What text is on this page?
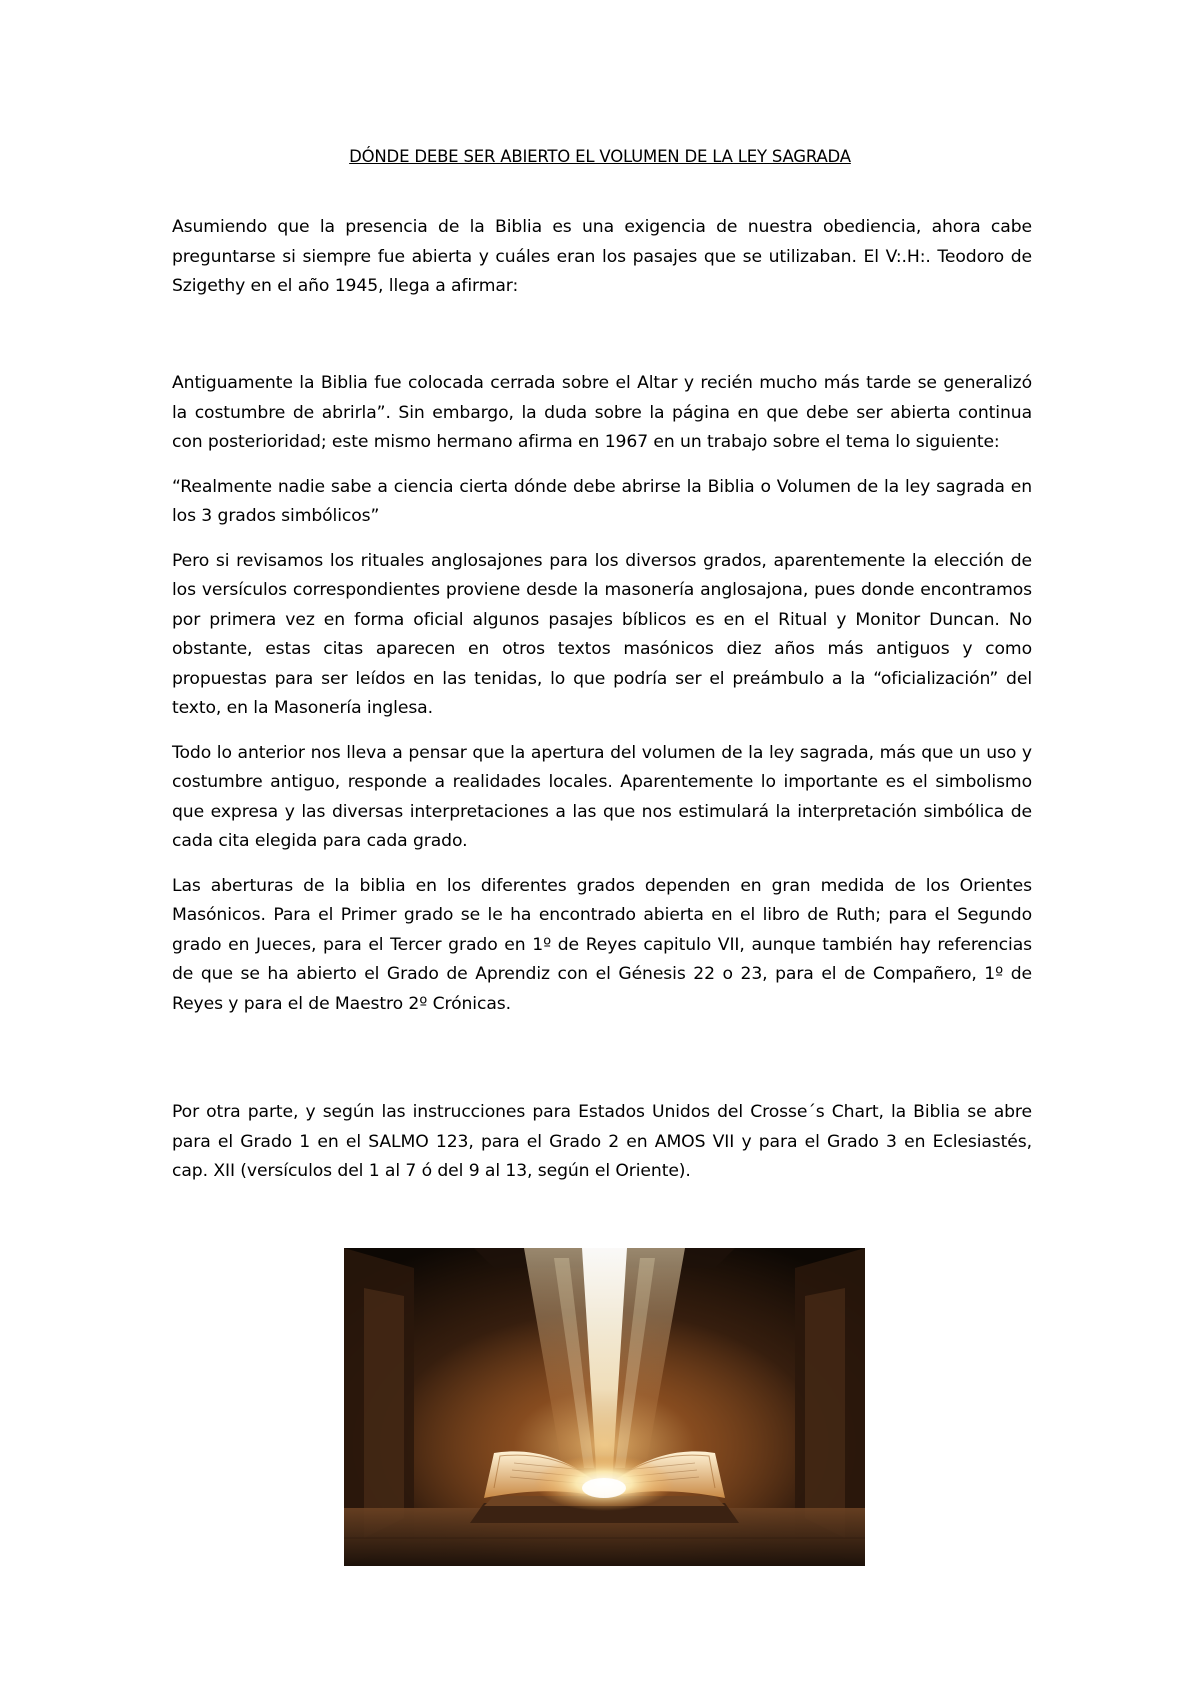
DÓNDE DEBE SER ABIERTO EL VOLUMEN DE LA LEY SAGRADA

Asumiendo que la presencia de la Biblia es una exigencia de nuestra obediencia, ahora cabe preguntarse si siempre fue abierta y cuáles eran los pasajes que se utilizaban. El V:.H:. Teodoro de Szigethy en el año 1945, llega a afirmar:

Antiguamente la Biblia fue colocada cerrada sobre el Altar y recién mucho más tarde se generalizó la costumbre de abrirla”. Sin embargo, la duda sobre la página en que debe ser abierta continua con posterioridad; este mismo hermano afirma en 1967 en un trabajo sobre el tema lo siguiente:

“Realmente nadie sabe a ciencia cierta dónde debe abrirse la Biblia o Volumen de la ley sagrada en los 3 grados simbólicos”

Pero si revisamos los rituales anglosajones para los diversos grados, aparentemente la elección de los versículos correspondientes proviene desde la masonería anglosajona, pues donde encontramos por primera vez en forma oficial algunos pasajes bíblicos es en el Ritual y Monitor Duncan. No obstante, estas citas aparecen en otros textos masónicos diez años más antiguos y como propuestas para ser leídos en las tenidas, lo que podría ser el preámbulo a la “oficialización” del texto, en la Masonería inglesa.

Todo lo anterior nos lleva a pensar que la apertura del volumen de la ley sagrada, más que un uso y costumbre antiguo, responde a realidades locales. Aparentemente lo importante es el simbolismo que expresa y las diversas interpretaciones a las que nos estimulará la interpretación simbólica de cada cita elegida para cada grado.

Las aberturas de la biblia en los diferentes grados dependen en gran medida de los Orientes Masónicos. Para el Primer grado se le ha encontrado abierta en el libro de Ruth; para el Segundo grado en Jueces, para el Tercer grado en 1º de Reyes capitulo VII, aunque también hay referencias de que se ha abierto el Grado de Aprendiz con el Génesis 22 o 23, para el de Compañero, 1º de Reyes y para el de Maestro 2º Crónicas.

Por otra parte, y según las instrucciones para Estados Unidos del Crosse´s Chart, la Biblia se abre para el Grado 1 en el SALMO 123, para el Grado 2 en AMOS VII y para el Grado 3 en Eclesiastés, cap. XII (versículos del 1 al 7 ó del 9 al 13, según el Oriente).
